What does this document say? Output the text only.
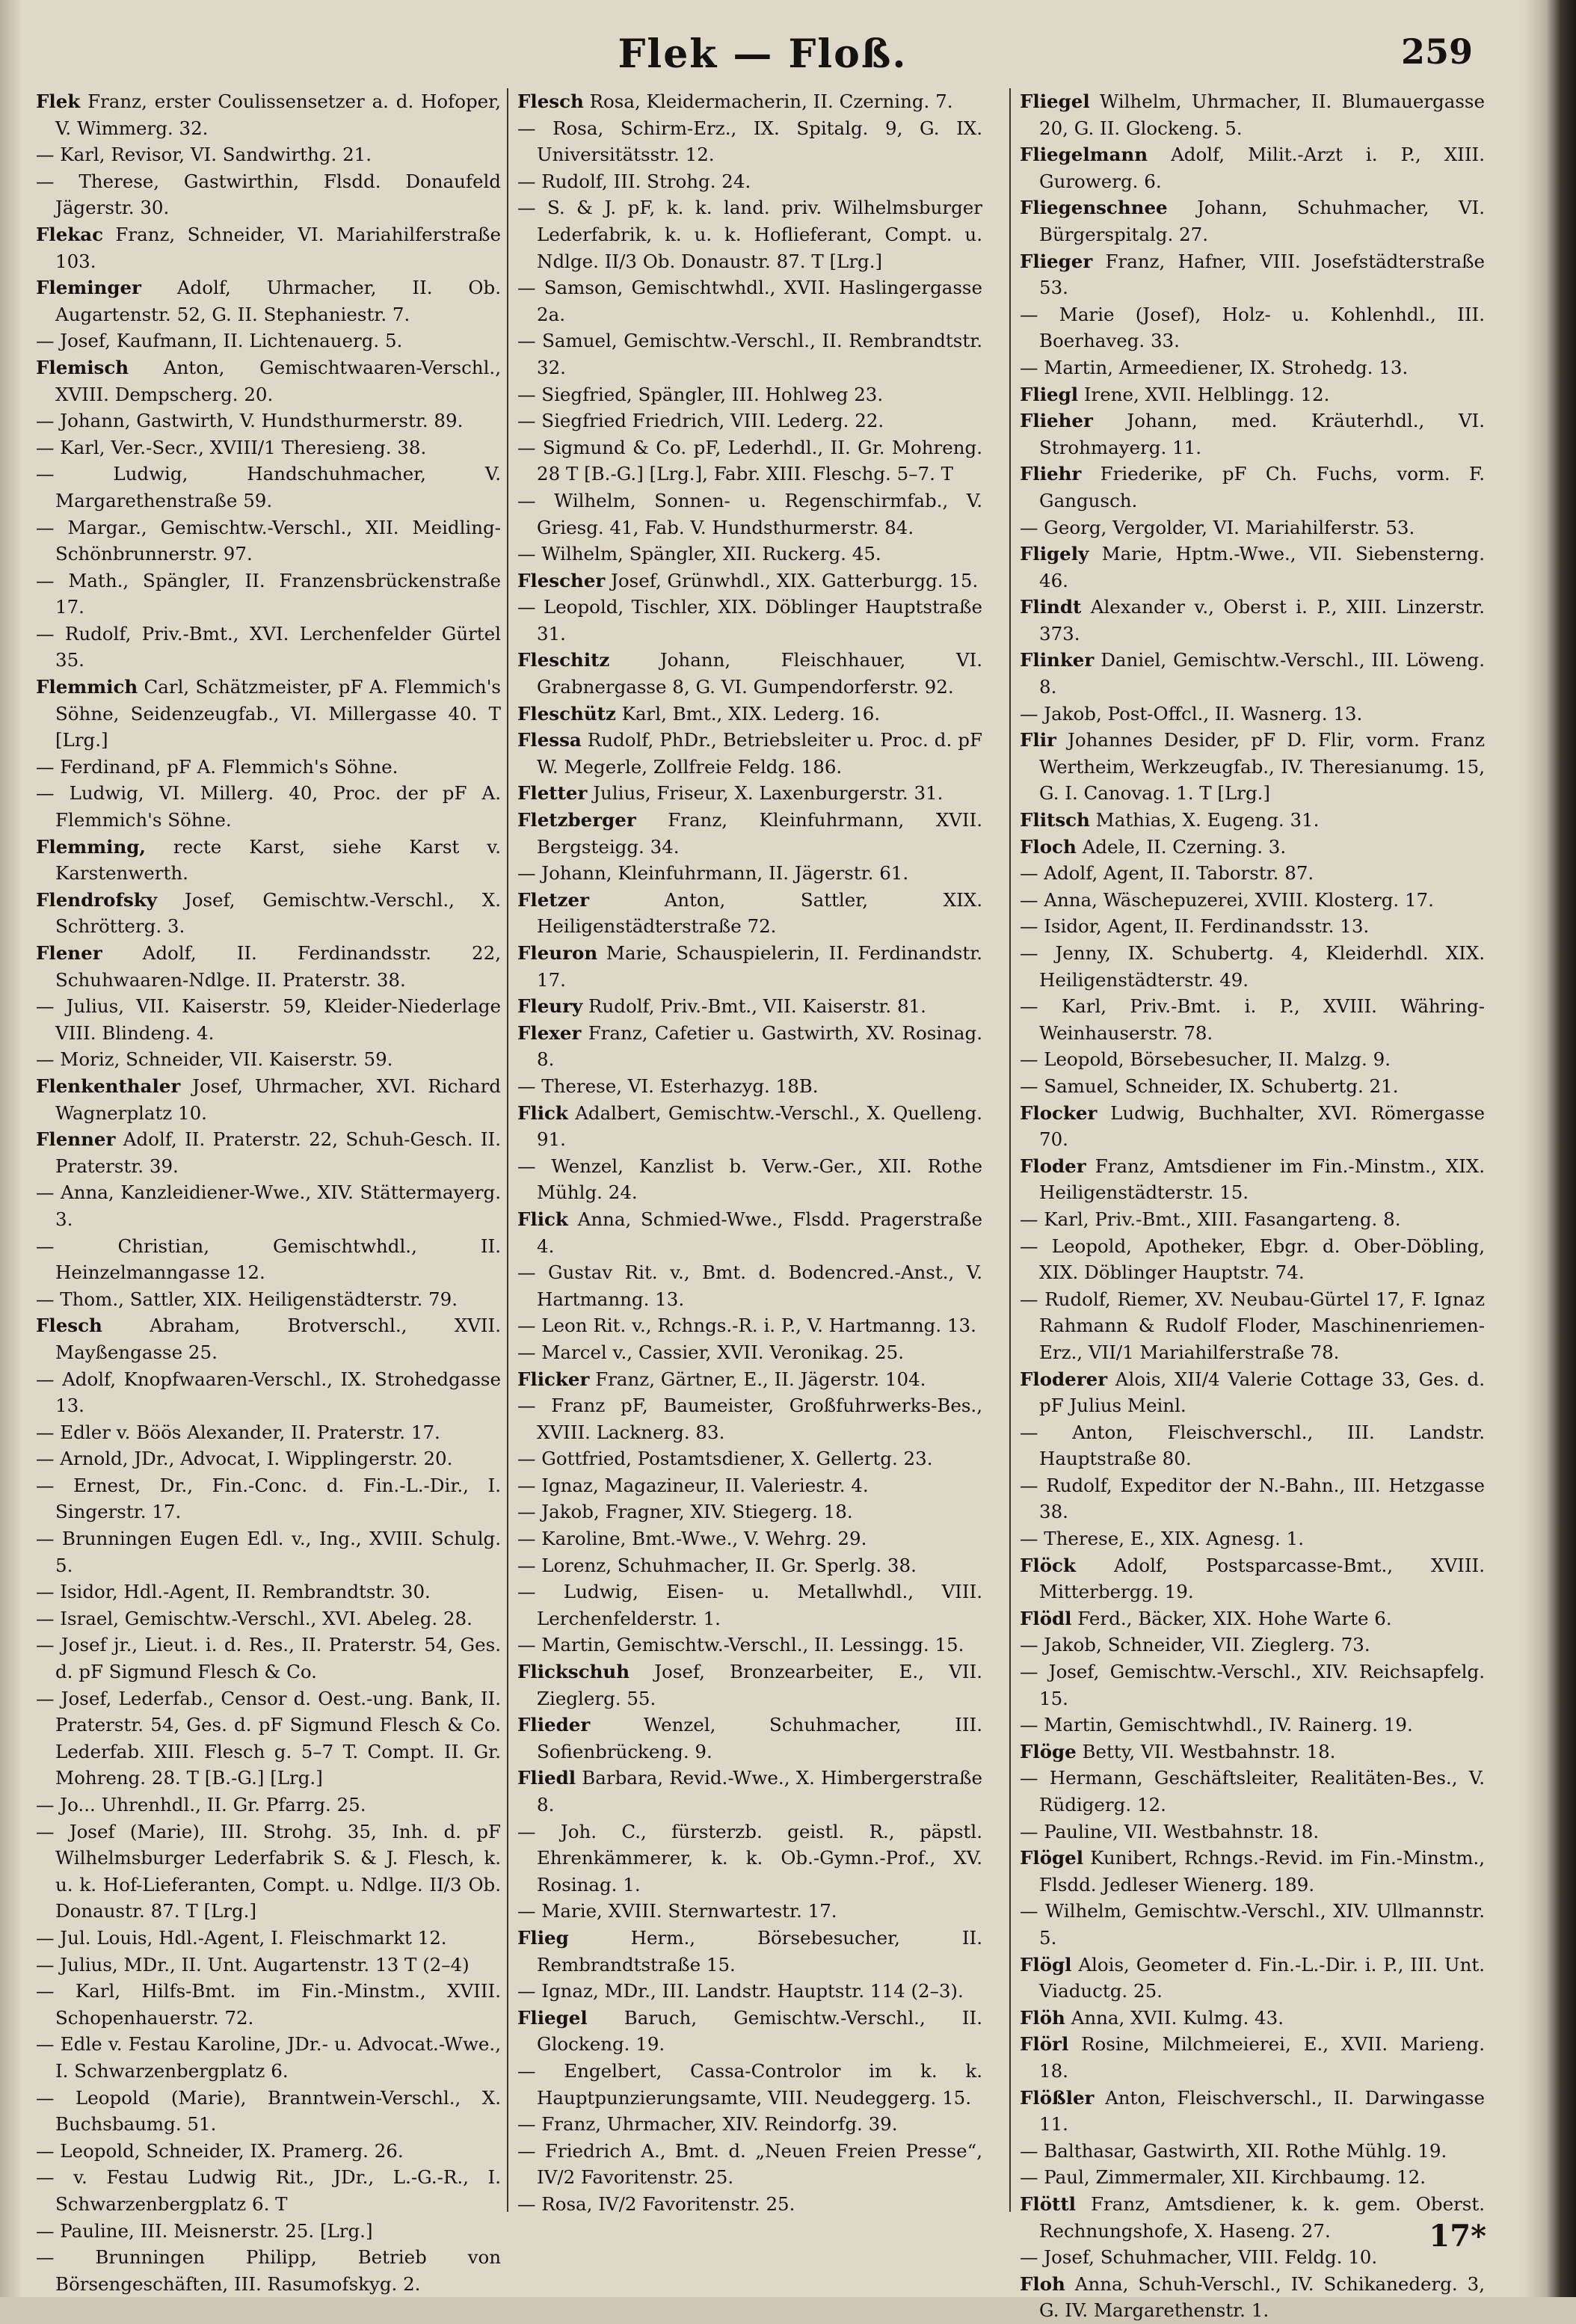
Flek — Floß.	259

Flek Franz, erster Coulissensetzer a. d. Hofoper, V. Wimmerg. 32.

— Karl, Revisor, VI. Sandwirthg. 21.

— Therese, Gastwirthin, Flsdd. Donaufeld Jägerstr. 30.

Flekac Franz, Schneider, VI. Mariahilferstraße 103.

Fleminger Adolf, Uhrmacher, II. Ob. Augartenstr. 52, G. II. Stephaniestr. 7.

— Josef, Kaufmann, II. Lichtenauerg. 5.

Flemisch Anton, Gemischtwaaren-Verschl., XVIII. Dempscherg. 20.

— Johann, Gastwirth, V. Hundsthurmerstr. 89.

— Karl, Ver.-Secr., XVIII/1 Theresieng. 38.

— Ludwig, Handschuhmacher, V. Margarethenstraße 59.

— Margar., Gemischtw.-Verschl., XII. Meidling-Schönbrunnerstr. 97.

— Math., Spängler, II. Franzensbrückenstraße 17.

— Rudolf, Priv.-Bmt., XVI. Lerchenfelder Gürtel 35.

Flemmich Carl, Schätzmeister, pF A. Flemmich's Söhne, Seidenzeugfab., VI. Millergasse 40. T [Lrg.]

— Ferdinand, pF A. Flemmich's Söhne.

— Ludwig, VI. Millerg. 40, Proc. der pF A. Flemmich's Söhne.

Flemming, recte Karst, siehe Karst v. Karstenwerth.

Flendrofsky Josef, Gemischtw.-Verschl., X. Schrötterg. 3.

Flener Adolf, II. Ferdinandsstr. 22, Schuhwaaren-Ndlge. II. Praterstr. 38.

— Julius, VII. Kaiserstr. 59, Kleider-Niederlage VIII. Blindeng. 4.

— Moriz, Schneider, VII. Kaiserstr. 59.

Flenkenthaler Josef, Uhrmacher, XVI. Richard Wagnerplatz 10.

Flenner Adolf, II. Praterstr. 22, Schuh-Gesch. II. Praterstr. 39.

— Anna, Kanzleidiener-Wwe., XIV. Stättermayerg. 3.

— Christian, Gemischtwhdl., II. Heinzelmanngasse 12.

— Thom., Sattler, XIX. Heiligenstädterstr. 79.

Flesch Abraham, Brotverschl., XVII. Mayßengasse 25.

— Adolf, Knopfwaaren-Verschl., IX. Strohedgasse 13.

— Edler v. Böös Alexander, II. Praterstr. 17.

— Arnold, JDr., Advocat, I. Wipplingerstr. 20.

— Ernest, Dr., Fin.-Conc. d. Fin.-L.-Dir., I. Singerstr. 17.

— Brunningen Eugen Edl. v., Ing., XVIII. Schulg. 5.

— Isidor, Hdl.-Agent, II. Rembrandtstr. 30.

— Israel, Gemischtw.-Verschl., XVI. Abeleg. 28.

— Josef jr., Lieut. i. d. Res., II. Praterstr. 54, Ges. d. pF Sigmund Flesch & Co.

— Josef, Lederfab., Censor d. Oest.-ung. Bank, II. Praterstr. 54, Ges. d. pF Sigmund Flesch & Co. Lederfab. XIII. Flesch g. 5–7 T. Compt. II. Gr. Mohreng. 28. T [B.-G.] [Lrg.]

— Jo... Uhrenhdl., II. Gr. Pfarrg. 25.

— Josef (Marie), III. Strohg. 35, Inh. d. pF Wilhelmsburger Lederfabrik S. & J. Flesch, k. u. k. Hof-Lieferanten, Compt. u. Ndlge. II/3 Ob. Donaustr. 87. T [Lrg.]

— Jul. Louis, Hdl.-Agent, I. Fleischmarkt 12.

— Julius, MDr., II. Unt. Augartenstr. 13 T (2–4)

— Karl, Hilfs-Bmt. im Fin.-Minstm., XVIII. Schopenhauerstr. 72.

— Edle v. Festau Karoline, JDr.- u. Advocat.-Wwe., I. Schwarzenbergplatz 6.

— Leopold (Marie), Branntwein-Verschl., X. Buchsbaumg. 51.

— Leopold, Schneider, IX. Pramerg. 26.

— v. Festau Ludwig Rit., JDr., L.-G.-R., I. Schwarzenbergplatz 6. T

— Pauline, III. Meisnerstr. 25. [Lrg.]

— Brunningen Philipp, Betrieb von Börsengeschäften, III. Rasumofskyg. 2.

Flesch Rosa, Kleidermacherin, II. Czerning. 7.

— Rosa, Schirm-Erz., IX. Spitalg. 9, G. IX. Universitätsstr. 12.

— Rudolf, III. Strohg. 24.

— S. & J. pF, k. k. land. priv. Wilhelmsburger Lederfabrik, k. u. k. Hoflieferant, Compt. u. Ndlge. II/3 Ob. Donaustr. 87. T [Lrg.]

— Samson, Gemischtwhdl., XVII. Haslingergasse 2a.

— Samuel, Gemischtw.-Verschl., II. Rembrandtstr. 32.

— Siegfried, Spängler, III. Hohlweg 23.

— Siegfried Friedrich, VIII. Lederg. 22.

— Sigmund & Co. pF, Lederhdl., II. Gr. Mohreng. 28 T [B.-G.] [Lrg.], Fabr. XIII. Fleschg. 5–7. T

— Wilhelm, Sonnen- u. Regenschirmfab., V. Griesg. 41, Fab. V. Hundsthurmerstr. 84.

— Wilhelm, Spängler, XII. Ruckerg. 45.

Flescher Josef, Grünwhdl., XIX. Gatterburgg. 15.

— Leopold, Tischler, XIX. Döblinger Hauptstraße 31.

Fleschitz Johann, Fleischhauer, VI. Grabnergasse 8, G. VI. Gumpendorferstr. 92.

Fleschütz Karl, Bmt., XIX. Lederg. 16.

Flessa Rudolf, PhDr., Betriebsleiter u. Proc. d. pF W. Megerle, Zollfreie Feldg. 186.

Fletter Julius, Friseur, X. Laxenburgerstr. 31.

Fletzberger Franz, Kleinfuhrmann, XVII. Bergsteigg. 34.

— Johann, Kleinfuhrmann, II. Jägerstr. 61.

Fletzer Anton, Sattler, XIX. Heiligenstädterstraße 72.

Fleuron Marie, Schauspielerin, II. Ferdinandstr. 17.

Fleury Rudolf, Priv.-Bmt., VII. Kaiserstr. 81.

Flexer Franz, Cafetier u. Gastwirth, XV. Rosinag. 8.

— Therese, VI. Esterhazyg. 18B.

Flick Adalbert, Gemischtw.-Verschl., X. Quelleng. 91.

— Wenzel, Kanzlist b. Verw.-Ger., XII. Rothe Mühlg. 24.

Flick Anna, Schmied-Wwe., Flsdd. Pragerstraße 4.

— Gustav Rit. v., Bmt. d. Bodencred.-Anst., V. Hartmanng. 13.

— Leon Rit. v., Rchngs.-R. i. P., V. Hartmanng. 13.

— Marcel v., Cassier, XVII. Veronikag. 25.

Flicker Franz, Gärtner, E., II. Jägerstr. 104.

— Franz pF, Baumeister, Großfuhrwerks-Bes., XVIII. Lacknerg. 83.

— Gottfried, Postamtsdiener, X. Gellertg. 23.

— Ignaz, Magazineur, II. Valeriestr. 4.

— Jakob, Fragner, XIV. Stiegerg. 18.

— Karoline, Bmt.-Wwe., V. Wehrg. 29.

— Lorenz, Schuhmacher, II. Gr. Sperlg. 38.

— Ludwig, Eisen- u. Metallwhdl., VIII. Lerchenfelderstr. 1.

— Martin, Gemischtw.-Verschl., II. Lessingg. 15.

Flickschuh Josef, Bronzearbeiter, E., VII. Zieglerg. 55.

Flieder Wenzel, Schuhmacher, III. Sofienbrückeng. 9.

Fliedl Barbara, Revid.-Wwe., X. Himbergerstraße 8.

— Joh. C., fürsterzb. geistl. R., päpstl. Ehrenkämmerer, k. k. Ob.-Gymn.-Prof., XV. Rosinag. 1.

— Marie, XVIII. Sternwartestr. 17.

Flieg Herm., Börsebesucher, II. Rembrandtstraße 15.

— Ignaz, MDr., III. Landstr. Hauptstr. 114 (2–3).

Fliegel Baruch, Gemischtw.-Verschl., II. Glockeng. 19.

— Engelbert, Cassa-Controlor im k. k. Hauptpunzierungsamte, VIII. Neudeggerg. 15.

— Franz, Uhrmacher, XIV. Reindorfg. 39.

— Friedrich A., Bmt. d. „Neuen Freien Presse“, IV/2 Favoritenstr. 25.

— Rosa, IV/2 Favoritenstr. 25.

Fliegel Wilhelm, Uhrmacher, II. Blumauergasse 20, G. II. Glockeng. 5.

Fliegelmann Adolf, Milit.-Arzt i. P., XIII. Gurowerg. 6.

Fliegenschnee Johann, Schuhmacher, VI. Bürgerspitalg. 27.

Flieger Franz, Hafner, VIII. Josefstädterstraße 53.

— Marie (Josef), Holz- u. Kohlenhdl., III. Boerhaveg. 33.

— Martin, Armeediener, IX. Strohedg. 13.

Fliegl Irene, XVII. Helblingg. 12.

Flieher Johann, med. Kräuterhdl., VI. Strohmayerg. 11.

Fliehr Friederike, pF Ch. Fuchs, vorm. F. Gangusch.

— Georg, Vergolder, VI. Mariahilferstr. 53.

Fligely Marie, Hptm.-Wwe., VII. Siebensterng. 46.

Flindt Alexander v., Oberst i. P., XIII. Linzerstr. 373.

Flinker Daniel, Gemischtw.-Verschl., III. Löweng. 8.

— Jakob, Post-Offcl., II. Wasnerg. 13.

Flir Johannes Desider, pF D. Flir, vorm. Franz Wertheim, Werkzeugfab., IV. Theresianumg. 15, G. I. Canovag. 1. T [Lrg.]

Flitsch Mathias, X. Eugeng. 31.

Floch Adele, II. Czerning. 3.

— Adolf, Agent, II. Taborstr. 87.

— Anna, Wäschepuzerei, XVIII. Klosterg. 17.

— Isidor, Agent, II. Ferdinandsstr. 13.

— Jenny, IX. Schubertg. 4, Kleiderhdl. XIX. Heiligenstädterstr. 49.

— Karl, Priv.-Bmt. i. P., XVIII. Währing-Weinhauserstr. 78.

— Leopold, Börsebesucher, II. Malzg. 9.

— Samuel, Schneider, IX. Schubertg. 21.

Flocker Ludwig, Buchhalter, XVI. Römergasse 70.

Floder Franz, Amtsdiener im Fin.-Minstm., XIX. Heiligenstädterstr. 15.

— Karl, Priv.-Bmt., XIII. Fasangarteng. 8.

— Leopold, Apotheker, Ebgr. d. Ober-Döbling, XIX. Döblinger Hauptstr. 74.

— Rudolf, Riemer, XV. Neubau-Gürtel 17, F. Ignaz Rahmann & Rudolf Floder, Maschinenriemen-Erz., VII/1 Mariahilferstraße 78.

Floderer Alois, XII/4 Valerie Cottage 33, Ges. d. pF Julius Meinl.

— Anton, Fleischverschl., III. Landstr. Hauptstraße 80.

— Rudolf, Expeditor der N.-Bahn., III. Hetzgasse 38.

— Therese, E., XIX. Agnesg. 1.

Flöck Adolf, Postsparcasse-Bmt., XVIII. Mitterbergg. 19.

Flödl Ferd., Bäcker, XIX. Hohe Warte 6.

— Jakob, Schneider, VII. Zieglerg. 73.

— Josef, Gemischtw.-Verschl., XIV. Reichsapfelg. 15.

— Martin, Gemischtwhdl., IV. Rainerg. 19.

Flöge Betty, VII. Westbahnstr. 18.

— Hermann, Geschäftsleiter, Realitäten-Bes., V. Rüdigerg. 12.

— Pauline, VII. Westbahnstr. 18.

Flögel Kunibert, Rchngs.-Revid. im Fin.-Minstm., Flsdd. Jedleser Wienerg. 189.

— Wilhelm, Gemischtw.-Verschl., XIV. Ullmannstr. 5.

Flögl Alois, Geometer d. Fin.-L.-Dir. i. P., III. Unt. Viaductg. 25.

Flöh Anna, XVII. Kulmg. 43.

Flörl Rosine, Milchmeierei, E., XVII. Marieng. 18.

Flößler Anton, Fleischverschl., II. Darwingasse 11.

— Balthasar, Gastwirth, XII. Rothe Mühlg. 19.

— Paul, Zimmermaler, XII. Kirchbaumg. 12.

Flöttl Franz, Amtsdiener, k. k. gem. Oberst. Rechnungshofe, X. Haseng. 27.

— Josef, Schuhmacher, VIII. Feldg. 10.

Floh Anna, Schuh-Verschl., IV. Schikanederg. 3, G. IV. Margarethenstr. 1.

17*
